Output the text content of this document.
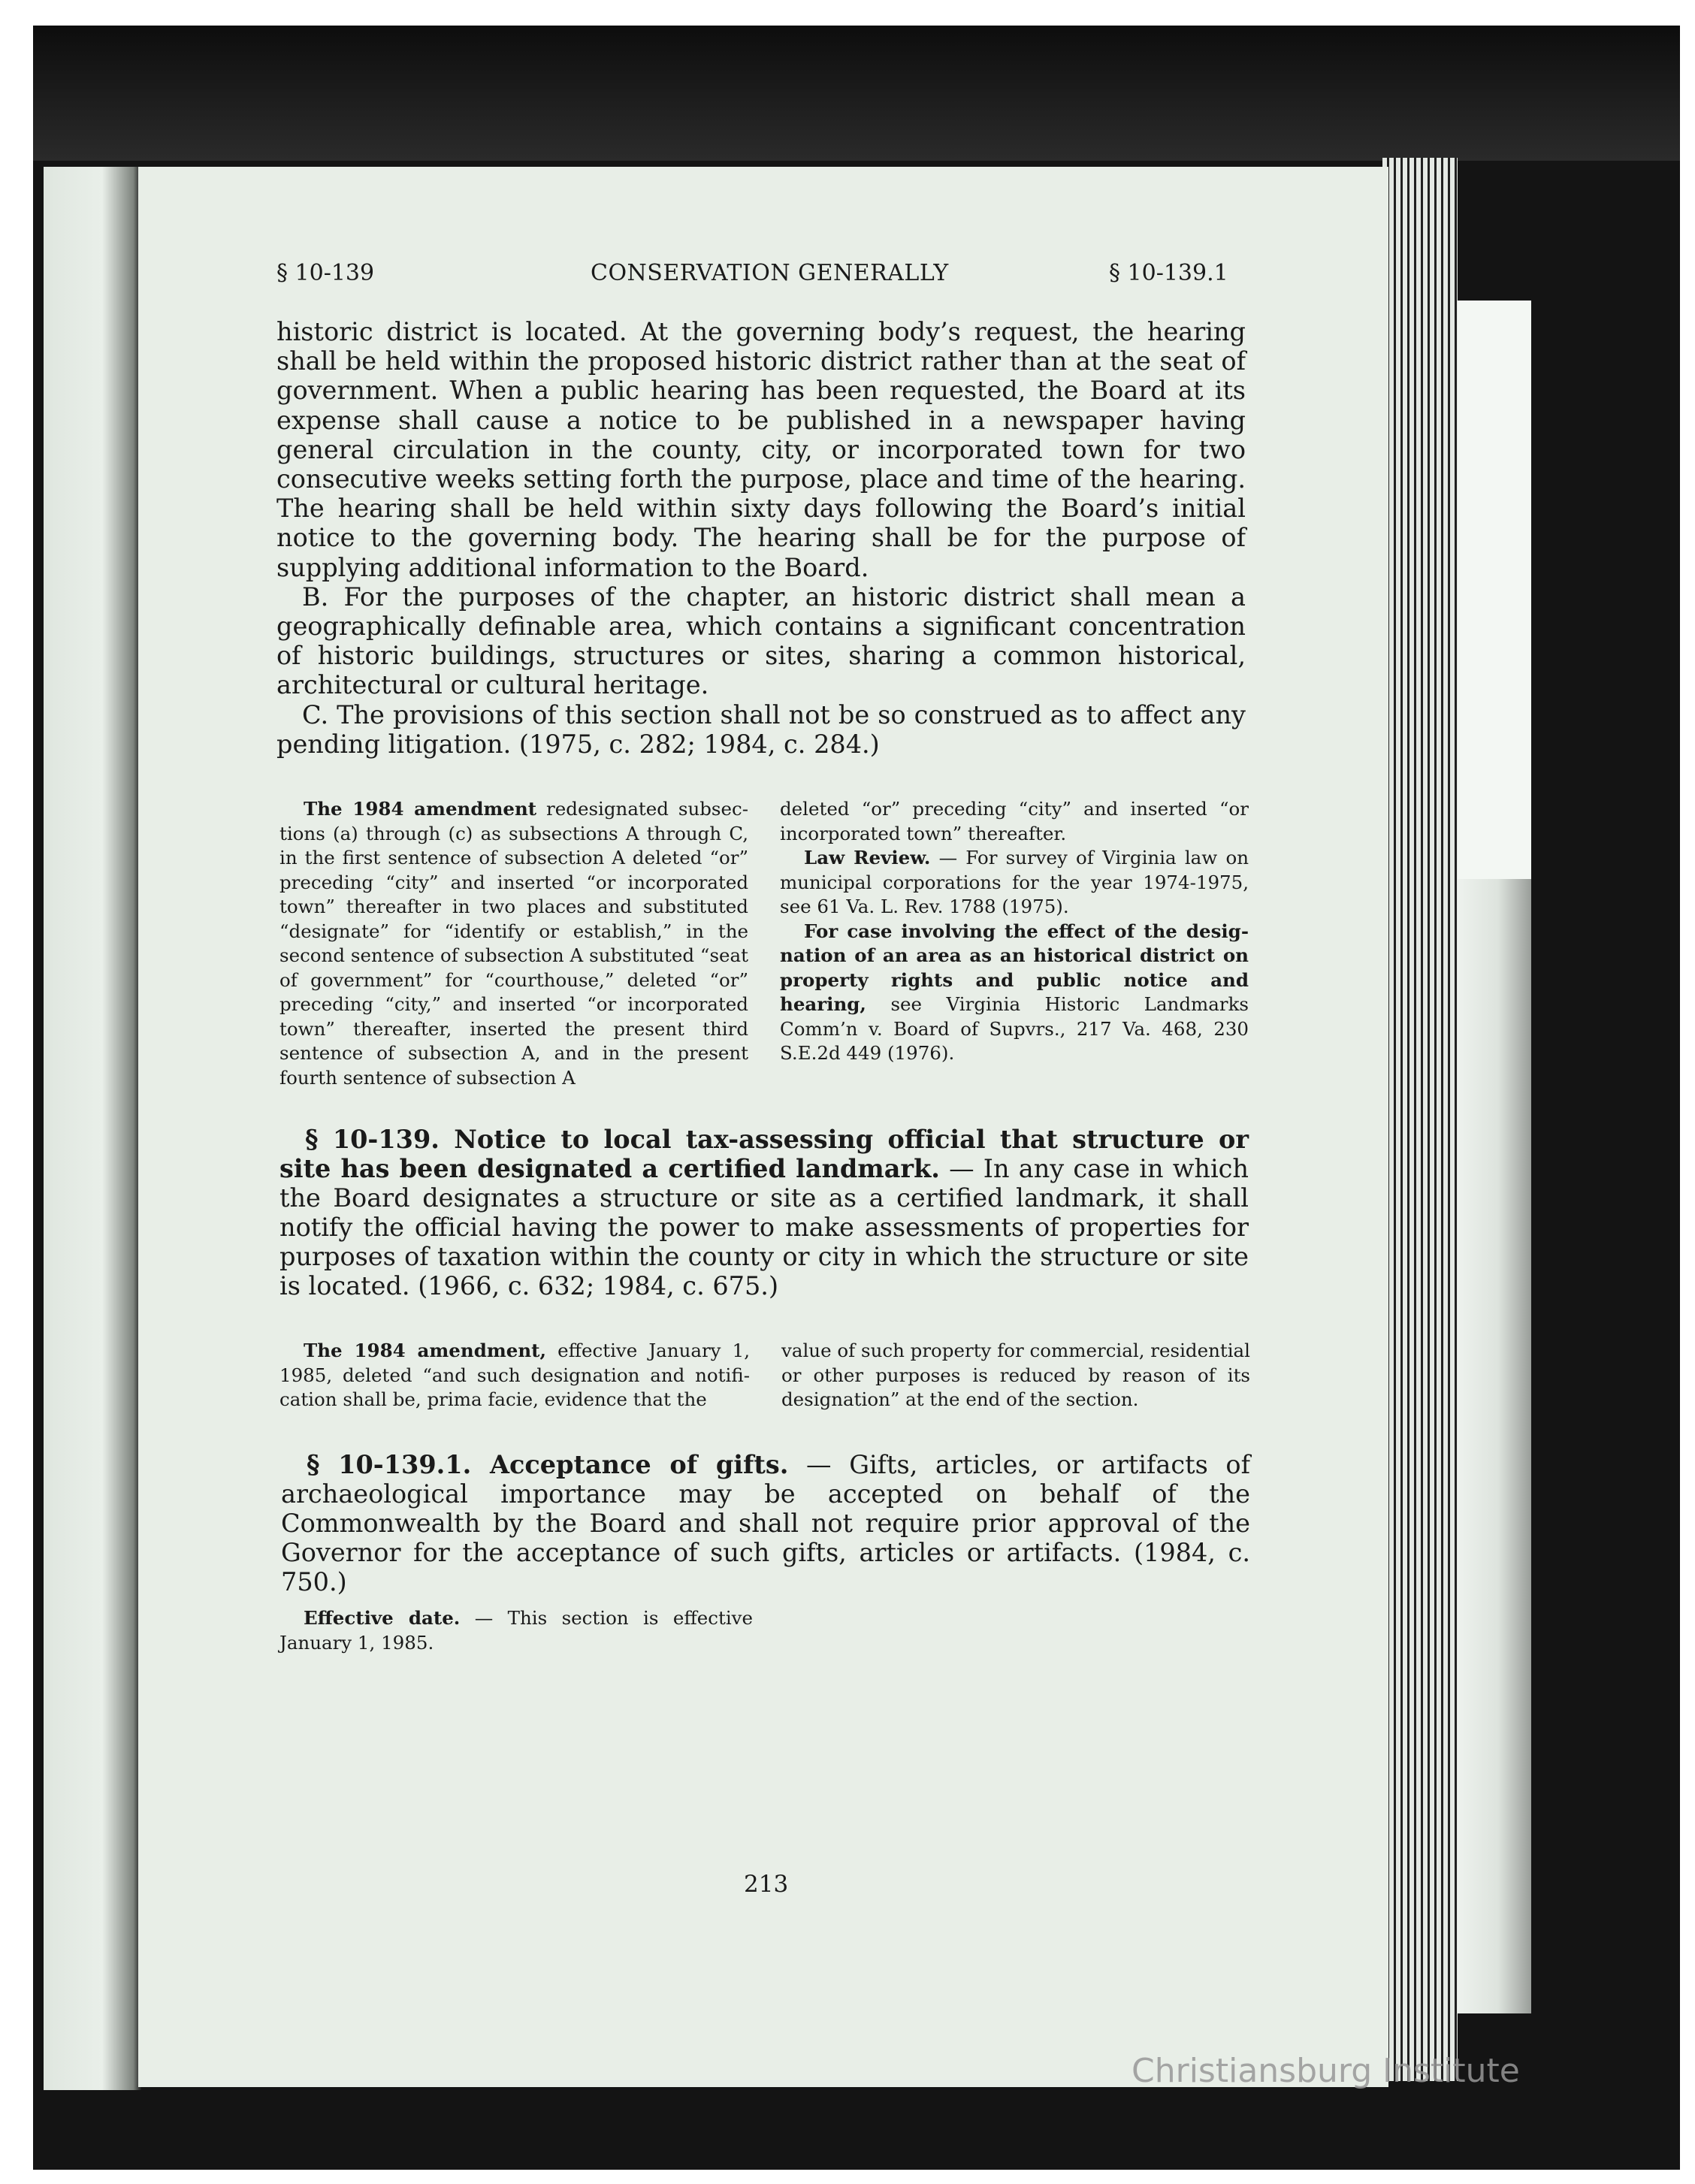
§ 10-139	CONSERVATION GENERALLY	§ 10-139.1

historic district is located. At the governing body’s request, the hearing shall be held within the proposed historic district rather than at the seat of government. When a public hearing has been requested, the Board at its expense shall cause a notice to be published in a newspaper having general circulation in the county, city, or incorporated town for two consecutive weeks setting forth the purpose, place and time of the hearing. The hearing shall be held within sixty days following the Board’s initial notice to the governing body. The hearing shall be for the purpose of supplying additional information to the Board.

B. For the purposes of the chapter, an historic district shall mean a geographically definable area, which contains a significant concentration of historic buildings, structures or sites, sharing a common historical, architectural or cultural heritage.

C. The provisions of this section shall not be so construed as to affect any pending litigation. (1975, c. 282; 1984, c. 284.)

The 1984 amendment redesignated subsections (a) through (c) as subsections A through C, in the first sentence of subsection A deleted “or” preceding “city” and inserted “or incorporated town” thereafter in two places and substituted “designate” for “identify or establish,” in the second sentence of subsection A substituted “seat of government” for “courthouse,” deleted “or” preceding “city,” and inserted “or incorporated town” thereafter, inserted the present third sentence of subsection A, and in the present fourth sentence of subsection A

deleted “or” preceding “city” and inserted “or incorporated town” thereafter.

Law Review. — For survey of Virginia law on municipal corporations for the year 1974-1975, see 61 Va. L. Rev. 1788 (1975).

For case involving the effect of the designation of an area as an historical district on property rights and public notice and hearing, see Virginia Historic Landmarks Comm’n v. Board of Supvrs., 217 Va. 468, 230 S.E.2d 449 (1976).

§ 10-139. Notice to local tax-assessing official that structure or site has been designated a certified landmark. — In any case in which the Board designates a structure or site as a certified landmark, it shall notify the official having the power to make assessments of properties for purposes of taxation within the county or city in which the structure or site is located. (1966, c. 632; 1984, c. 675.)

The 1984 amendment, effective January 1, 1985, deleted “and such designation and notification shall be, prima facie, evidence that the

value of such property for commercial, residential or other purposes is reduced by reason of its designation” at the end of the section.

§ 10-139.1. Acceptance of gifts. — Gifts, articles, or artifacts of archaeological importance may be accepted on behalf of the Commonwealth by the Board and shall not require prior approval of the Governor for the acceptance of such gifts, articles or artifacts. (1984, c. 750.)

Effective date. — This section is effective January 1, 1985.

213
Christiansburg Institute
